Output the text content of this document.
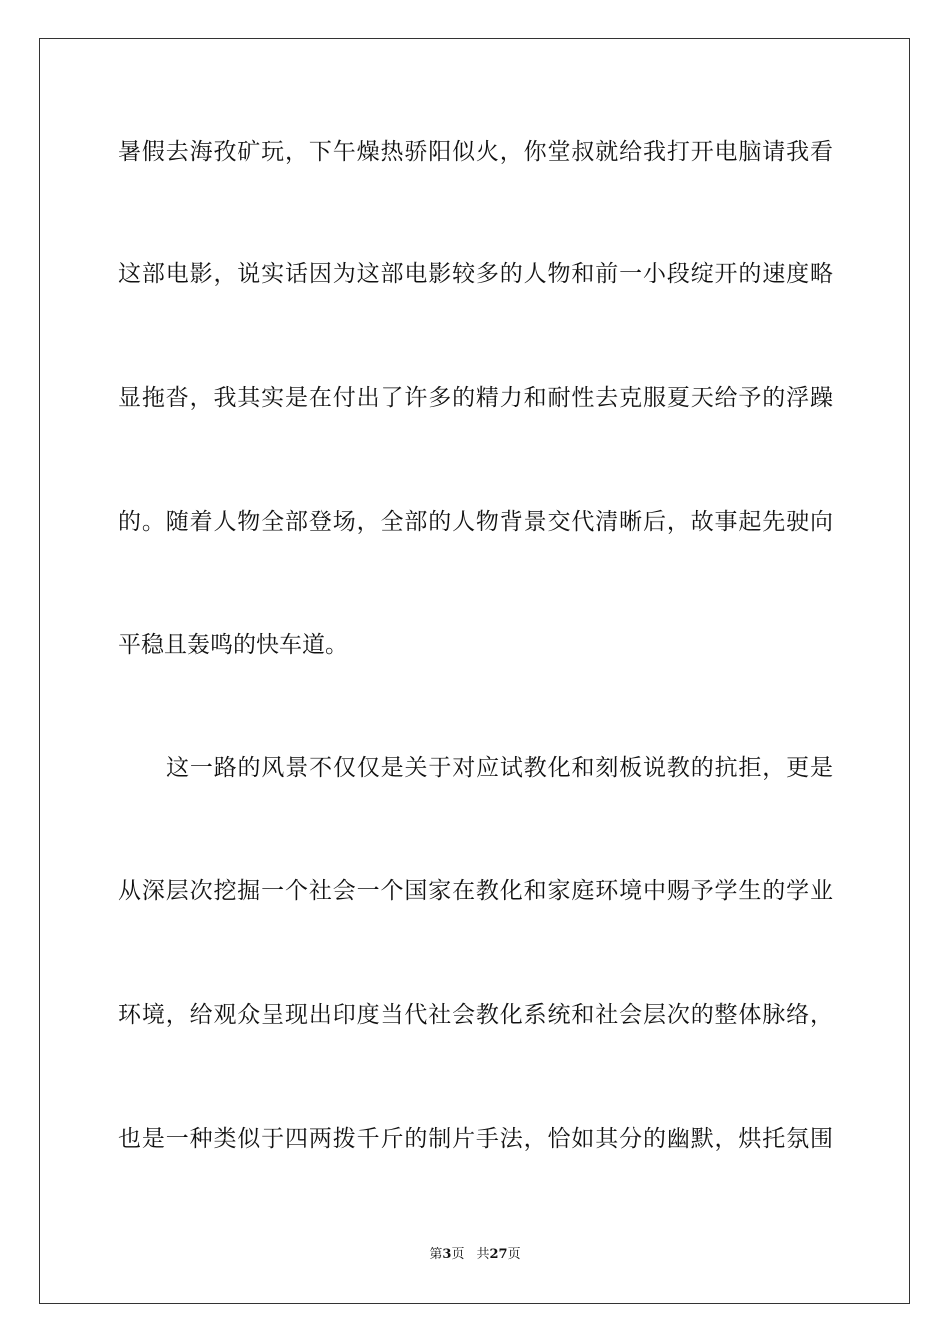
暑假去海孜矿玩，下午燥热骄阳似火，你堂叔就给我打开电脑请我看
这部电影，说实话因为这部电影较多的人物和前一小段绽开的速度略
显拖沓，我其实是在付出了许多的精力和耐性去克服夏天给予的浮躁
的。随着人物全部登场，全部的人物背景交代清晰后，故事起先驶向
平稳且轰鸣的快车道。
这一路的风景不仅仅是关于对应试教化和刻板说教的抗拒，更是
从深层次挖掘一个社会一个国家在教化和家庭环境中赐予学生的学业
环境，给观众呈现出印度当代社会教化系统和社会层次的整体脉络，
也是一种类似于四两拨千斤的制片手法，恰如其分的幽默，烘托氛围
第3页 共27页
